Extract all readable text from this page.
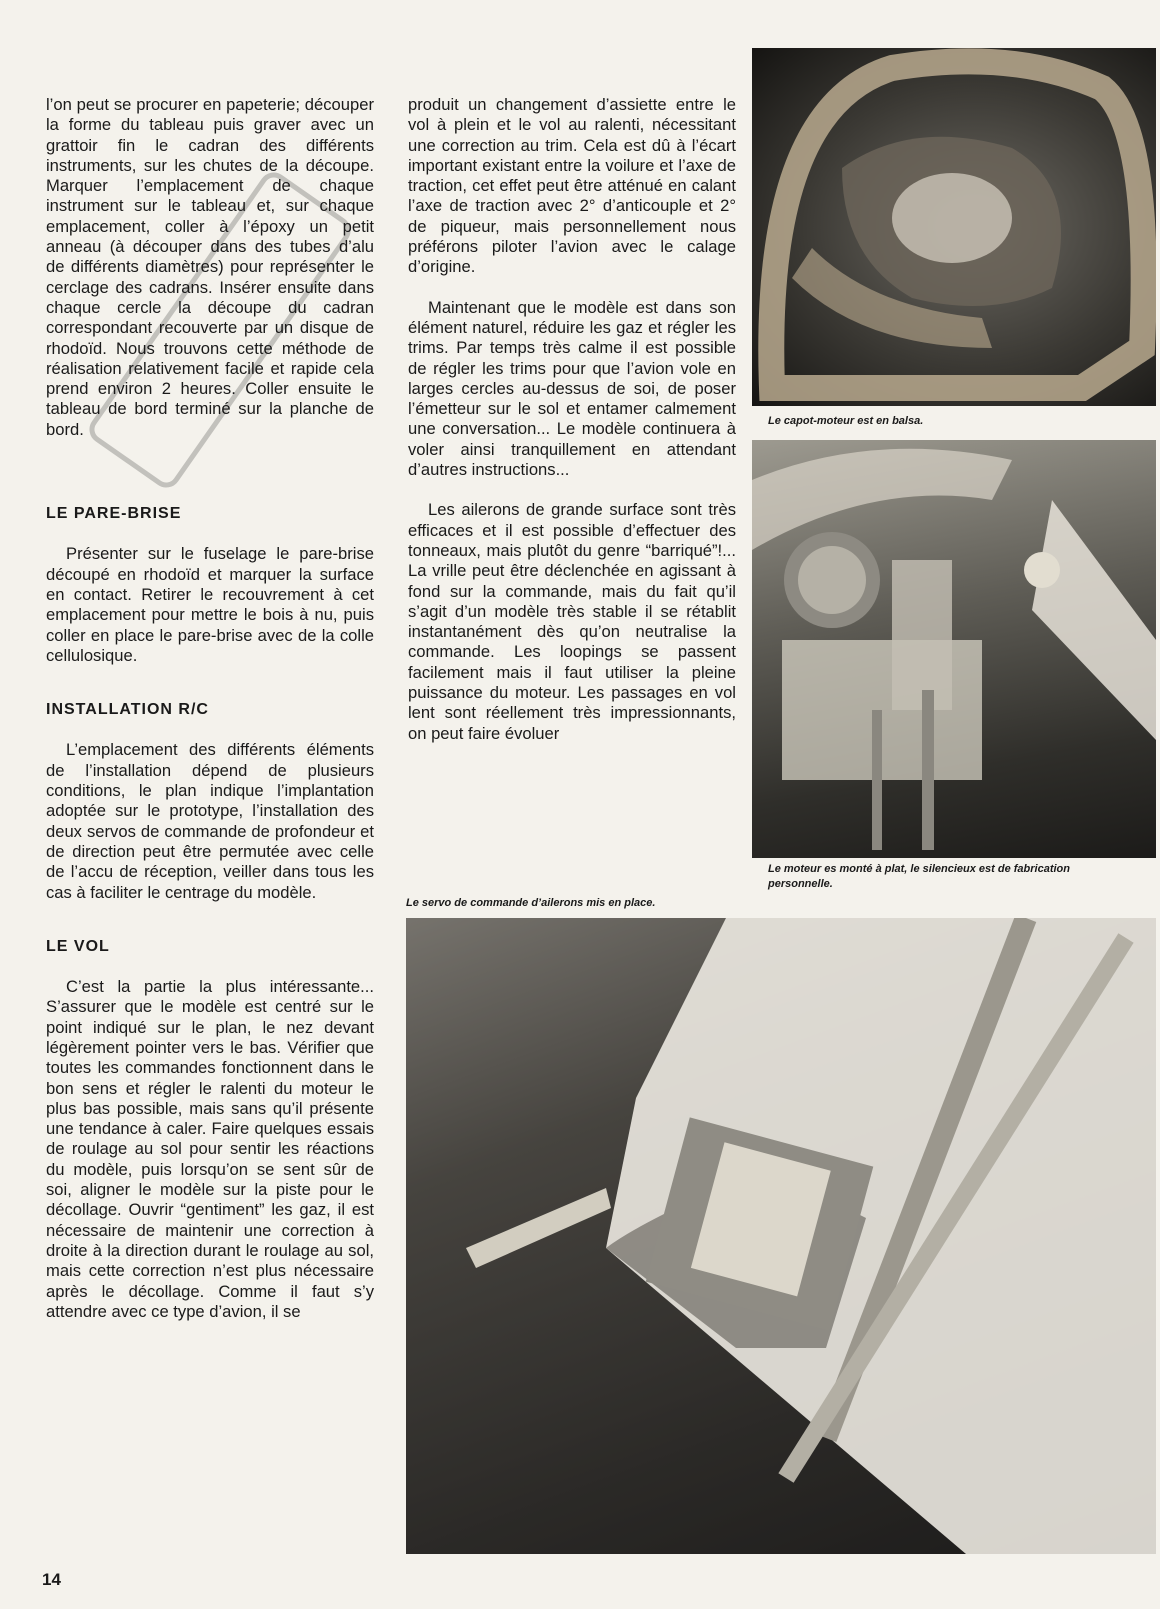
l’on peut se procurer en papeterie; découper la forme du tableau puis graver avec un grattoir fin le cadran des différents instruments, sur les chutes de la découpe. Marquer l’emplacement de chaque instrument sur le tableau et, sur chaque emplacement, coller à l’époxy un petit anneau (à découper dans des tubes d’alu de différents diamètres) pour représenter le cerclage des cadrans. Insérer ensuite dans chaque cercle la découpe du cadran correspondant recouverte par un disque de rhodoïd. Nous trouvons cette méthode de réalisation relativement facile et rapide cela prend environ 2 heures. Coller ensuite le tableau de bord terminé sur la planche de bord.

LE PARE-BRISE

Présenter sur le fuselage le pare-brise découpé en rhodoïd et marquer la surface en contact. Retirer le recouvrement à cet emplacement pour mettre le bois à nu, puis coller en place le pare-brise avec de la colle cellulosique.

INSTALLATION R/C

L’emplacement des différents éléments de l’installation dépend de plusieurs conditions, le plan indique l’implantation adoptée sur le prototype, l’installation des deux servos de commande de profondeur et de direction peut être permutée avec celle de l’accu de réception, veiller dans tous les cas à faciliter le centrage du modèle.

LE VOL

C’est la partie la plus intéressante... S’assurer que le modèle est centré sur le point indiqué sur le plan, le nez devant légèrement pointer vers le bas. Vérifier que toutes les commandes fonctionnent dans le bon sens et régler le ralenti du moteur le plus bas possible, mais sans qu’il présente une tendance à caler. Faire quelques essais de roulage au sol pour sentir les réactions du modèle, puis lorsqu’on se sent sûr de soi, aligner le modèle sur la piste pour le décollage. Ouvrir “gentiment” les gaz, il est nécessaire de maintenir une correction à droite à la direction durant le roulage au sol, mais cette correction n’est plus nécessaire après le décollage. Comme il faut s’y attendre avec ce type d’avion, il se

produit un changement d’assiette entre le vol à plein et le vol au ralenti, nécessitant une correction au trim. Cela est dû à l’écart important existant entre la voilure et l’axe de traction, cet effet peut être atténué en calant l’axe de traction avec 2° d’anticouple et 2° de piqueur, mais personnellement nous préférons piloter l’avion avec le calage d’origine.

Maintenant que le modèle est dans son élément naturel, réduire les gaz et régler les trims. Par temps très calme il est possible de régler les trims pour que l’avion vole en larges cercles au-dessus de soi, de poser l’émetteur sur le sol et entamer calmement une conversation... Le modèle continuera à voler ainsi tranquillement en attendant d’autres instructions...

Les ailerons de grande surface sont très efficaces et il est possible d’effectuer des tonneaux, mais plutôt du genre “barriqué”!... La vrille peut être déclenchée en agissant à fond sur la commande, mais du fait qu’il s’agit d’un modèle très stable il se rétablit instantanément dès qu’on neutralise la commande. Les loopings se passent facilement mais il faut utiliser la pleine puissance du moteur. Les passages en vol lent sont réellement très impressionnants, on peut faire évoluer

Le capot-moteur est en balsa.
Le moteur es monté à plat, le silencieux est de fabrication personnelle.
Le servo de commande d’ailerons mis en place.
14
